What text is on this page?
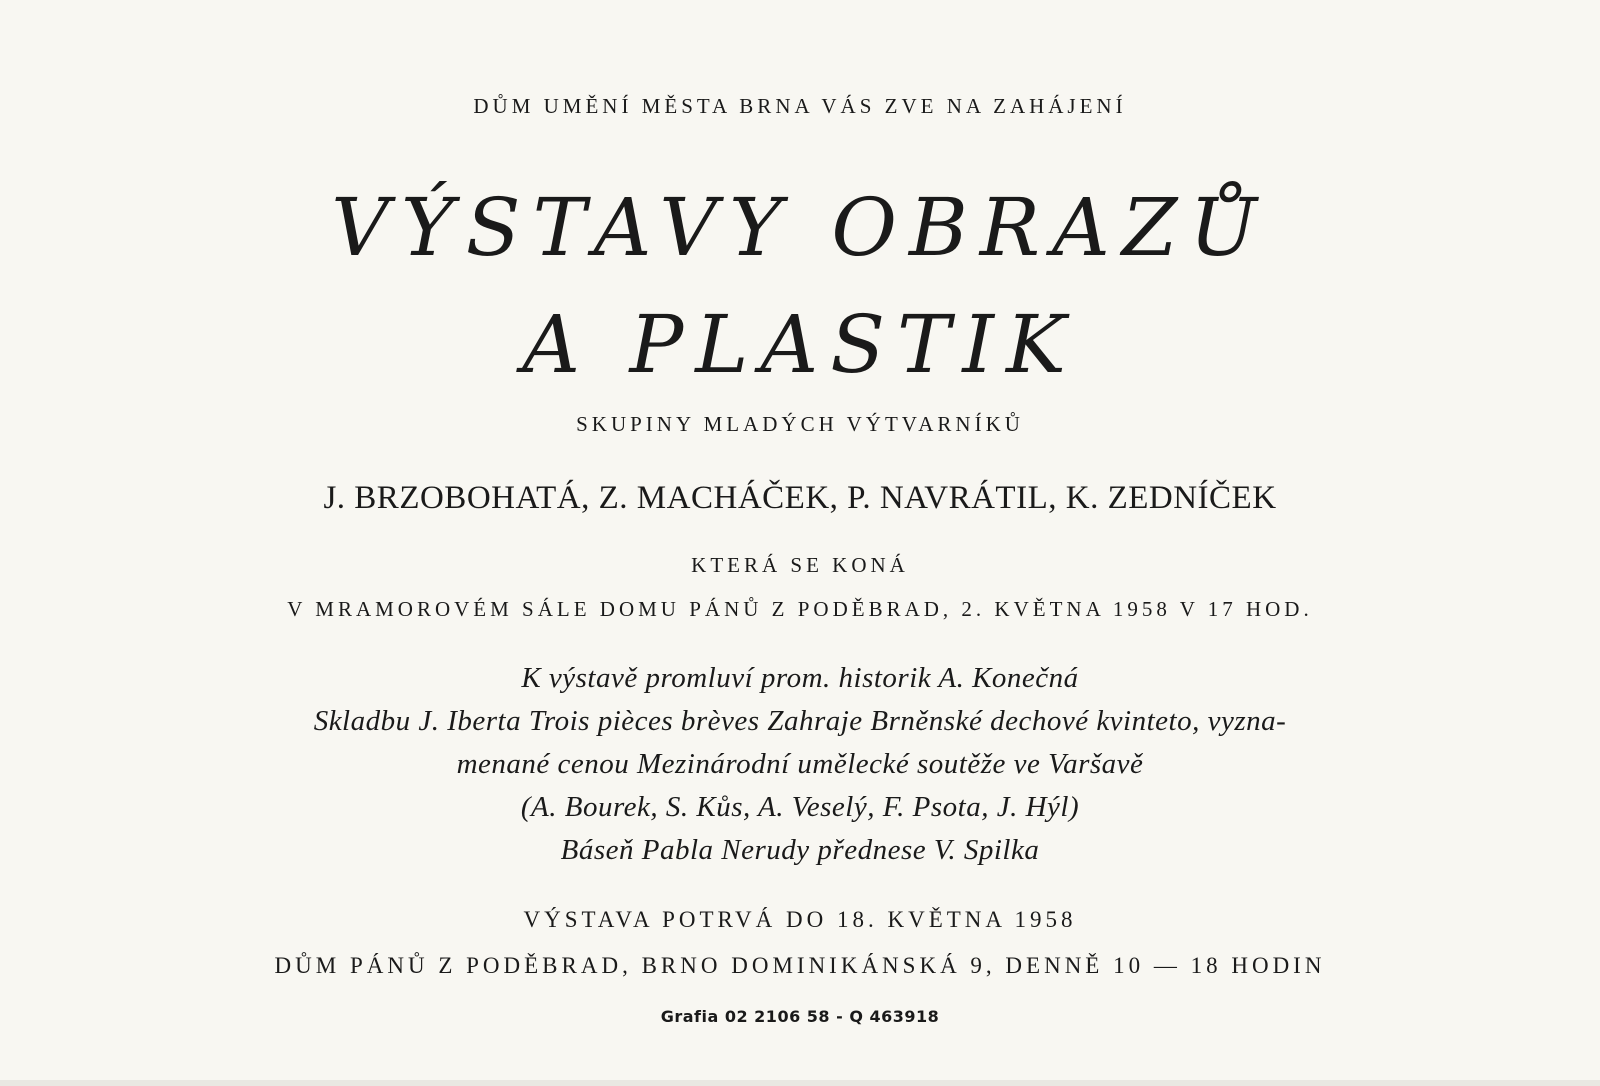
DŮM UMĚNÍ MĚSTA BRNA VÁS ZVE NA ZAHÁJENÍ
VÝSTAVY OBRAZŮ
A PLASTIK
SKUPINY MLADÝCH VÝTVARNÍKŮ
J. BRZOBOHATÁ, Z. MACHÁČEK, P. NAVRÁTIL, K. ZEDNÍČEK
KTERÁ SE KONÁ
V MRAMOROVÉM SÁLE DOMU PÁNŮ Z PODĚBRAD, 2. KVĚTNA 1958 V 17 HOD.
K výstavě promluví prom. historik A. Konečná
Skladbu J. Iberta Trois pièces brèves Zahraje Brněnské dechové kvinteto, vyzna-
menané cenou Mezinárodní umělecké soutěže ve Varšavě
(A. Bourek, S. Kůs, A. Veselý, F. Psota, J. Hýl)
Báseň Pabla Nerudy přednese V. Spilka
VÝSTAVA POTRVÁ DO 18. KVĚTNA 1958
DŮM PÁNŮ Z PODĚBRAD, BRNO DOMINIKÁNSKÁ 9, DENNĚ 10 — 18 HODIN
Grafia 02 2106 58 - Q 463918
